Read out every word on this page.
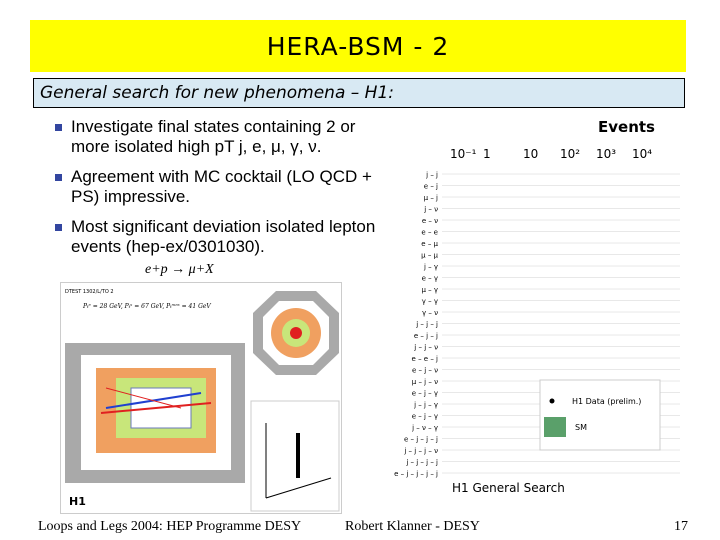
HERA-BSM - 2
General search for new phenomena – H1:
Investigate final states containing 2 or more isolated high pT j, e, μ, γ, ν.
Agreement with MC cocktail (LO QCD + PS) impressive.
Most significant deviation isolated lepton events (hep-ex/0301030).
e+p → μ+X
DTEST 1302/L/TO 2
Pₜᵉ = 28 GeV, Pₜˣ = 67 GeV, Pₜᵐᵉˢ = 41 GeV
H1
Events
10⁻¹ 1	10 10² 10³ 10⁴
j – j
e – j
μ – j
j – ν
e – ν
e – e
e – μ
μ – μ
j – γ
e – γ
μ – γ
γ – γ
γ – ν
j – j – j
e – j – j
j – j – ν
e – e – j
e – j – ν
μ – j – ν
e – j – γ
j – j – γ
e – j – γ
j – ν – γ
e – j – j – j
j – j – j – ν
j – j – j – j
e – j – j – j – j
H1 Data (prelim.)
SM
H1 General Search
Loops and Legs 2004: HEP Programme DESY	Robert Klanner - DESY	17
